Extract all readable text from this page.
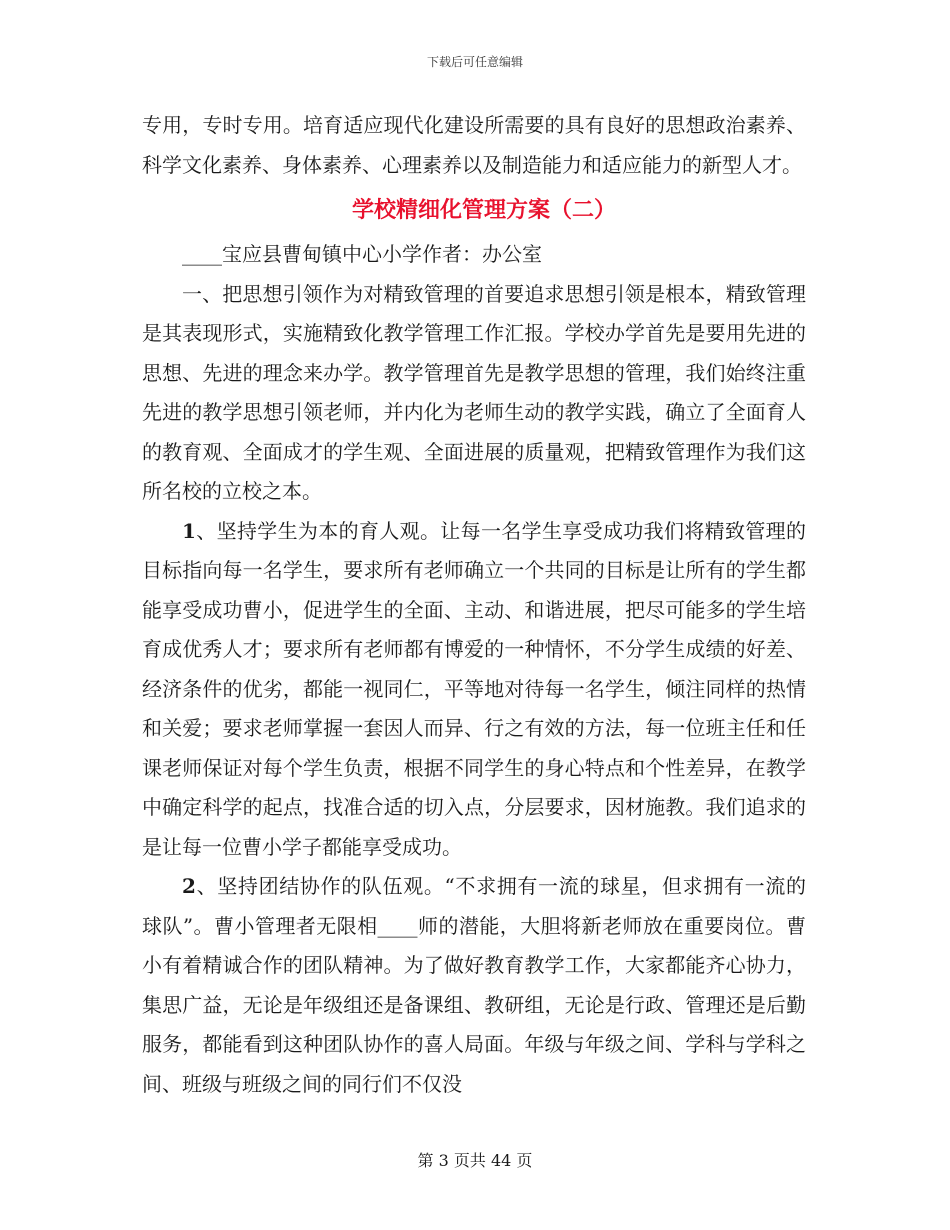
下载后可任意编辑

专用，专时专用。培育适应现代化建设所需要的具有良好的思想政治素养、科学文化素养、身体素养、心理素养以及制造能力和适应能力的新型人才。

学校精细化管理方案（二）

____宝应县曹甸镇中心小学作者：办公室

一、把思想引领作为对精致管理的首要追求思想引领是根本，精致管理是其表现形式，实施精致化教学管理工作汇报。学校办学首先是要用先进的思想、先进的理念来办学。教学管理首先是教学思想的管理，我们始终注重先进的教学思想引领老师，并内化为老师生动的教学实践，确立了全面育人的教育观、全面成才的学生观、全面进展的质量观，把精致管理作为我们这所名校的立校之本。

1、坚持学生为本的育人观。让每一名学生享受成功我们将精致管理的目标指向每一名学生，要求所有老师确立一个共同的目标是让所有的学生都能享受成功曹小，促进学生的全面、主动、和谐进展，把尽可能多的学生培育成优秀人才；要求所有老师都有博爱的一种情怀，不分学生成绩的好差、经济条件的优劣，都能一视同仁，平等地对待每一名学生，倾注同样的热情和关爱；要求老师掌握一套因人而异、行之有效的方法，每一位班主任和任课老师保证对每个学生负责，根据不同学生的身心特点和个性差异，在教学中确定科学的起点，找准合适的切入点，分层要求，因材施教。我们追求的是让每一位曹小学子都能享受成功。

2、坚持团结协作的队伍观。“不求拥有一流的球星，但求拥有一流的球队”。曹小管理者无限相____师的潜能，大胆将新老师放在重要岗位。曹小有着精诚合作的团队精神。为了做好教育教学工作，大家都能齐心协力，集思广益，无论是年级组还是备课组、教研组，无论是行政、管理还是后勤服务，都能看到这种团队协作的喜人局面。年级与年级之间、学科与学科之间、班级与班级之间的同行们不仅没

第 3 页共 44 页
